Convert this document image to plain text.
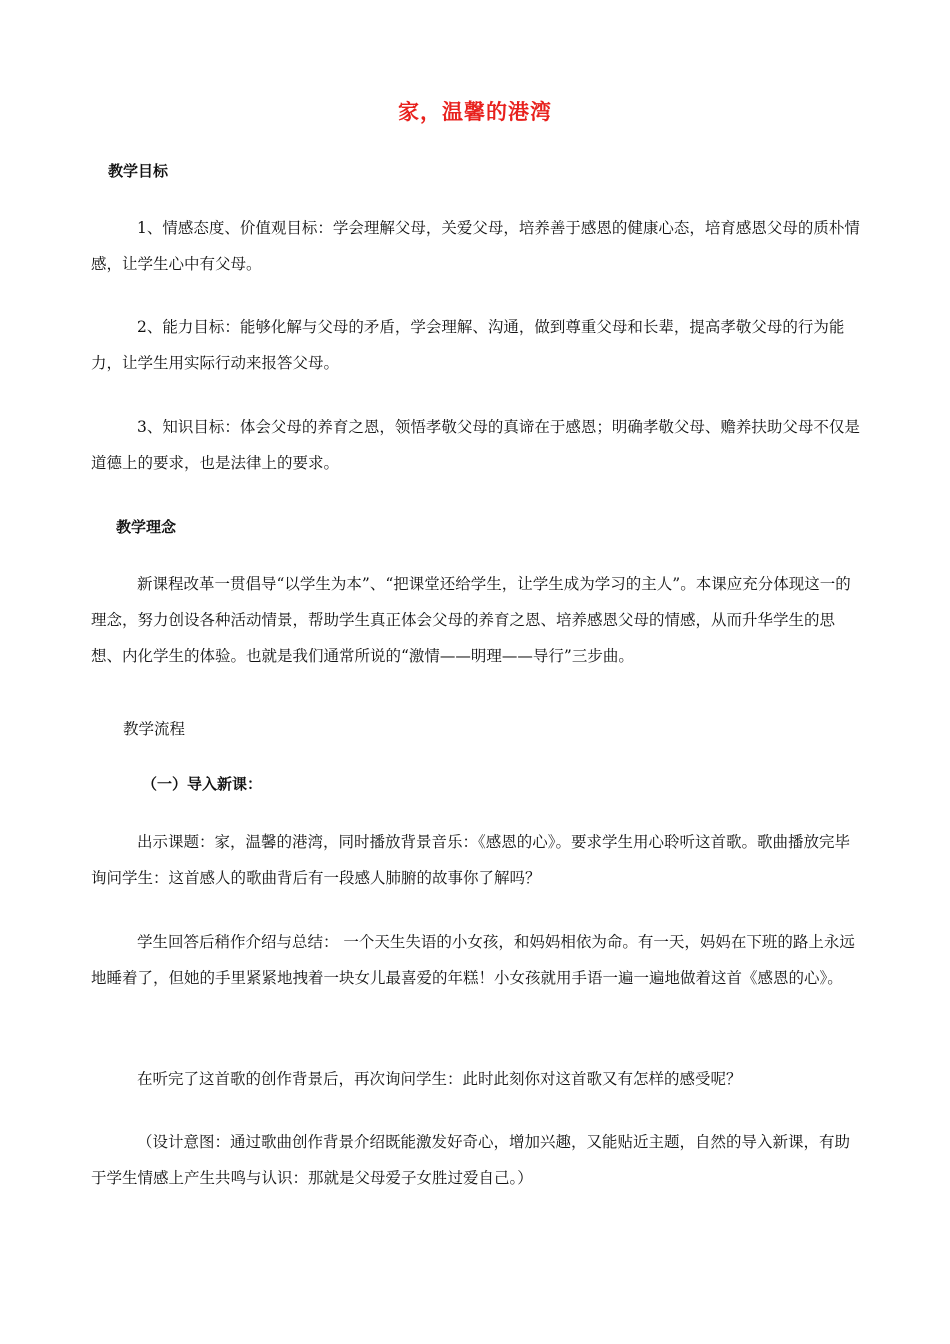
家，温馨的港湾
教学目标
1、情感态度、价值观目标：学会理解父母，关爱父母，培养善于感恩的健康心态，培育感恩父母的质朴情感，让学生心中有父母。
2、能力目标：能够化解与父母的矛盾，学会理解、沟通，做到尊重父母和长辈，提高孝敬父母的行为能力，让学生用实际行动来报答父母。
3、知识目标：体会父母的养育之恩，领悟孝敬父母的真谛在于感恩；明确孝敬父母、赡养扶助父母不仅是道德上的要求，也是法律上的要求。
教学理念
新课程改革一贯倡导“以学生为本”、“把课堂还给学生，让学生成为学习的主人”。本课应充分体现这一的理念，努力创设各种活动情景，帮助学生真正体会父母的养育之恩、培养感恩父母的情感，从而升华学生的思想、内化学生的体验。也就是我们通常所说的“激情——明理——导行”三步曲。
教学流程
（一）导入新课：
出示课题：家，温馨的港湾，同时播放背景音乐：《感恩的心》。要求学生用心聆听这首歌。歌曲播放完毕询问学生：这首感人的歌曲背后有一段感人肺腑的故事你了解吗？
学生回答后稍作介绍与总结： 一个天生失语的小女孩，和妈妈相依为命。有一天，妈妈在下班的路上永远地睡着了，但她的手里紧紧地拽着一块女儿最喜爱的年糕！小女孩就用手语一遍一遍地做着这首《感恩的心》。
在听完了这首歌的创作背景后，再次询问学生：此时此刻你对这首歌又有怎样的感受呢？
（设计意图：通过歌曲创作背景介绍既能激发好奇心，增加兴趣，又能贴近主题，自然的导入新课，有助于学生情感上产生共鸣与认识：那就是父母爱子女胜过爱自己。）
